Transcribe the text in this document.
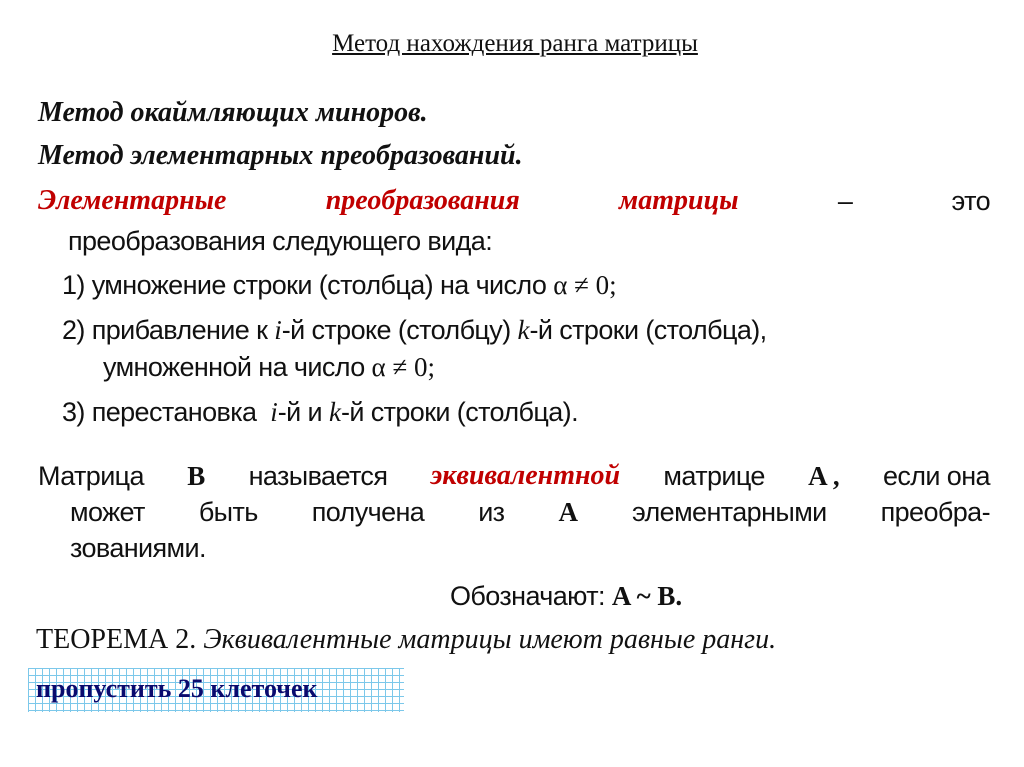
Метод нахождения ранга матрицы
Метод окаймляющих миноров.
Метод элементарных преобразований.
Элементарные	преобразования	матрицы	–	это
преобразования следующего вида:
1) умножение строки (столбца) на число α ≠ 0;
2) прибавление к i-й строке (столбцу) k-й строки (столбца),
умноженной на число α ≠ 0;
3) перестановка  i-й и k-й строки (столбца).
Матрица B называется эквивалентной матрице A , если она
может быть получена из A элементарными преобра-
зованиями.
Обозначают: A ~ B.
ТЕОРЕМА 2. Эквивалентные матрицы имеют равные ранги.
пропустить 25 клеточек
